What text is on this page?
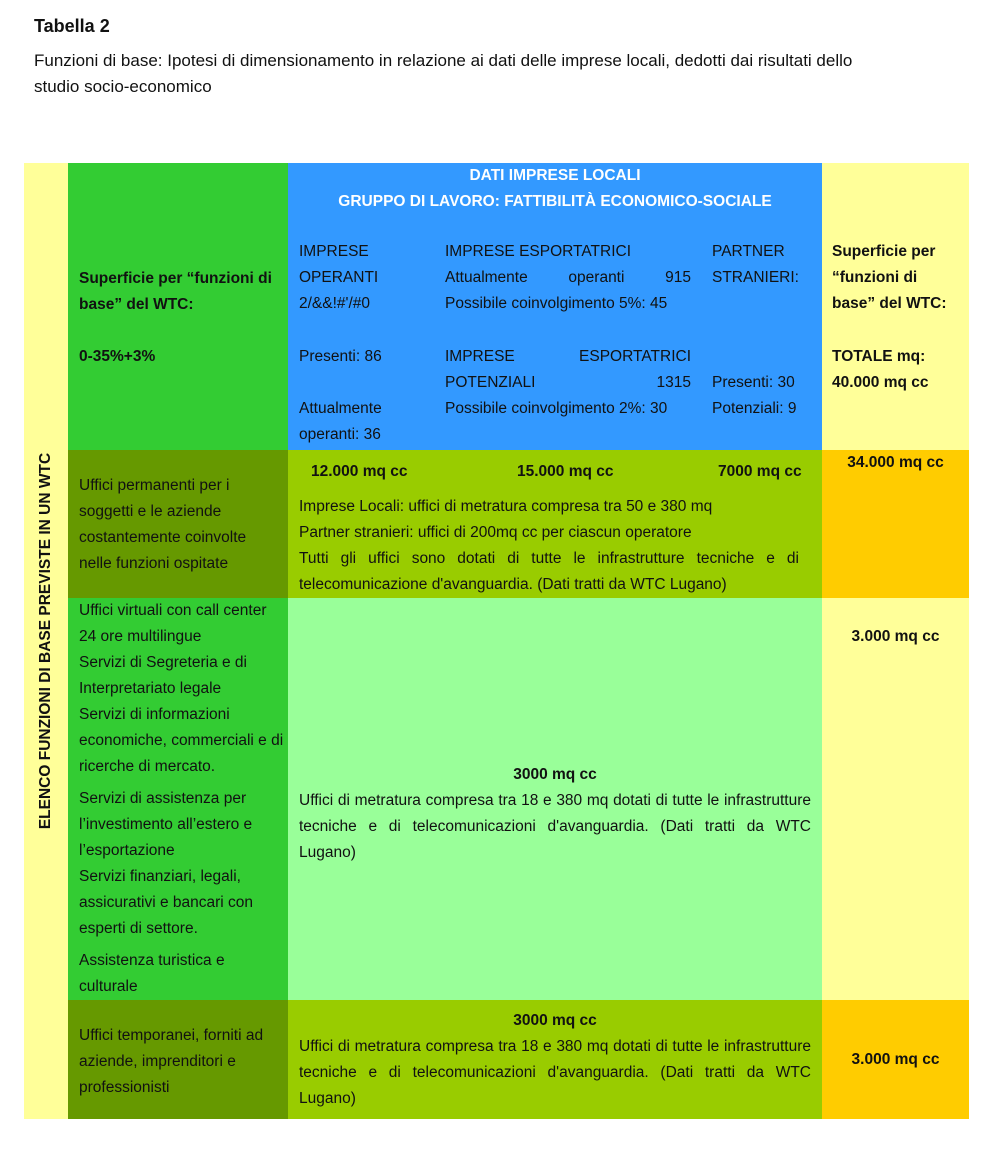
Tabella 2
Funzioni di base: Ipotesi di dimensionamento in relazione ai dati delle imprese locali, dedotti dai risultati dello studio socio-economico
ELENCO FUNZIONI DI BASE PREVISTE IN UN WTC
Superficie per “funzioni di base” del WTC:
0-35%+3%
DATI IMPRESE LOCALI
GRUPPO DI LAVORO: FATTIBILITÀ ECONOMICO-SOCIALE
IMPRESE OPERANTI 2/&&!#'/#0
Presenti: 86
Attualmente operanti: 36
IMPRESE ESPORTATRICI
Attualmente operanti 915
Possibile coinvolgimento 5%: 45
IMPRESE ESPORTATRICI POTENZIALI 1315
Possibile coinvolgimento 2%: 30
PARTNER STRANIERI:
Presenti: 30
Potenziali: 9
Superficie per “funzioni di base” del WTC:
TOTALE mq:
40.000 mq cc
Uffici permanenti per i soggetti e le aziende costantemente coinvolte nelle funzioni ospitate
12.000 mq cc	15.000 mq cc	7000 mq cc
Imprese Locali: uffici di metratura compresa tra 50 e 380 mq
Partner stranieri: uffici di 200mq cc per ciascun operatore
Tutti gli uffici sono dotati di tutte le infrastrutture tecniche e di telecomunicazione d'avanguardia. (Dati tratti da WTC Lugano)
34.000 mq cc
Uffici virtuali con call center 24 ore multilingue
Servizi di Segreteria e di Interpretariato legale
Servizi di informazioni economiche, commerciali e di ricerche di mercato.
Servizi di assistenza per l’investimento all’estero e l’esportazione
Servizi finanziari, legali, assicurativi e bancari con esperti di settore.
Assistenza turistica e culturale
3000 mq cc
Uffici di metratura compresa tra 18 e 380 mq dotati di tutte le infrastrutture tecniche e di telecomunicazioni d'avanguardia. (Dati tratti da WTC Lugano)
3.000 mq cc
Uffici temporanei, forniti ad aziende, imprenditori e professionisti
3000 mq cc
Uffici di metratura compresa tra 18 e 380 mq dotati di tutte le infrastrutture tecniche e di telecomunicazioni d'avanguardia. (Dati tratti da WTC Lugano)
3.000 mq cc
